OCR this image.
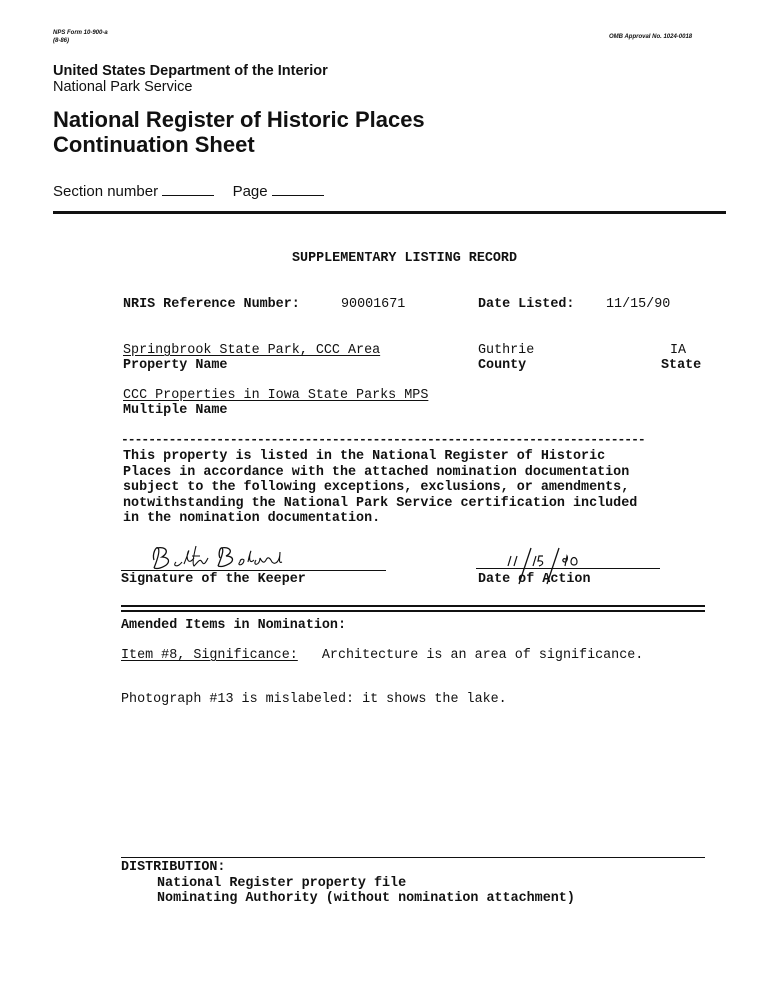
NPS Form 10-900-a
(8-86)
OMB Approval No. 1024-0018
United States Department of the Interior
National Park Service
National Register of Historic Places
Continuation Sheet
Section number	Page
SUPPLEMENTARY LISTING RECORD
NRIS Reference Number:	90001671	Date Listed: 11/15/90
Springbrook State Park, CCC Area
Property Name
Guthrie
County
IA
State
CCC Properties in Iowa State Parks MPS
Multiple Name
-----------------------------------------------------------------------------
This property is listed in the National Register of Historic
Places in accordance with the attached nomination documentation
subject to the following exceptions, exclusions, or amendments,
notwithstanding the National Park Service certification included
in the nomination documentation.
Signature of the Keeper	Date of Action
Amended Items in Nomination:
Item #8, Significance: Architecture is an area of significance.
Photograph #13 is mislabeled: it shows the lake.
DISTRIBUTION:
National Register property file
Nominating Authority (without nomination attachment)
